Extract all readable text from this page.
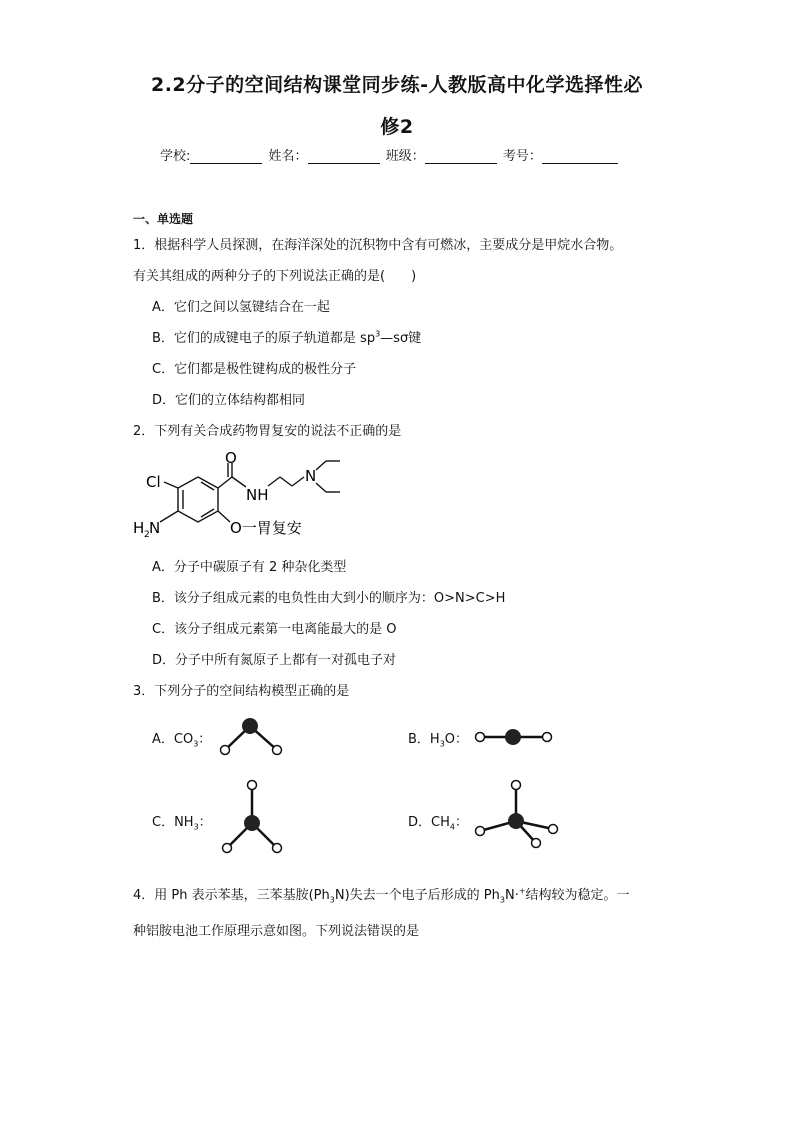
2.2分子的空间结构课堂同步练-人教版高中化学选择性必
修2
学校:	姓名：	班级：	考号：
一、单选题
1．根据科学人员探测，在海洋深处的沉积物中含有可燃冰，主要成分是甲烷水合物。
有关其组成的两种分子的下列说法正确的是(　　)
A．它们之间以氢键结合在一起
B．它们的成键电子的原子轨道都是 $sp^3—s\sigma$键
C．它们都是极性键构成的极性分子
D．它们的立体结构都相同
2．下列有关合成药物胃复安的说法不正确的是
O
Cl
NH
N
H 2 N	O一胃复安
A．分子中碳原子有 2 种杂化类型
B．该分子组成元素的电负性由大到小的顺序为：O>N>C>H
C．该分子组成元素第一电离能最大的是 O
D．分子中所有氮原子上都有一对孤电子对
3．下列分子的空间结构模型正确的是
A．$CO_3$：	B．$H_3O$：
C．$NH_3$：	D．$CH_4$：
4．用 Ph 表示苯基，三苯基胺$(Ph_3N)$失去一个电子后形成的 $Ph_3N\cdot^+$结构较为稳定。一
种铝胺电池工作原理示意如图。下列说法错误的是
